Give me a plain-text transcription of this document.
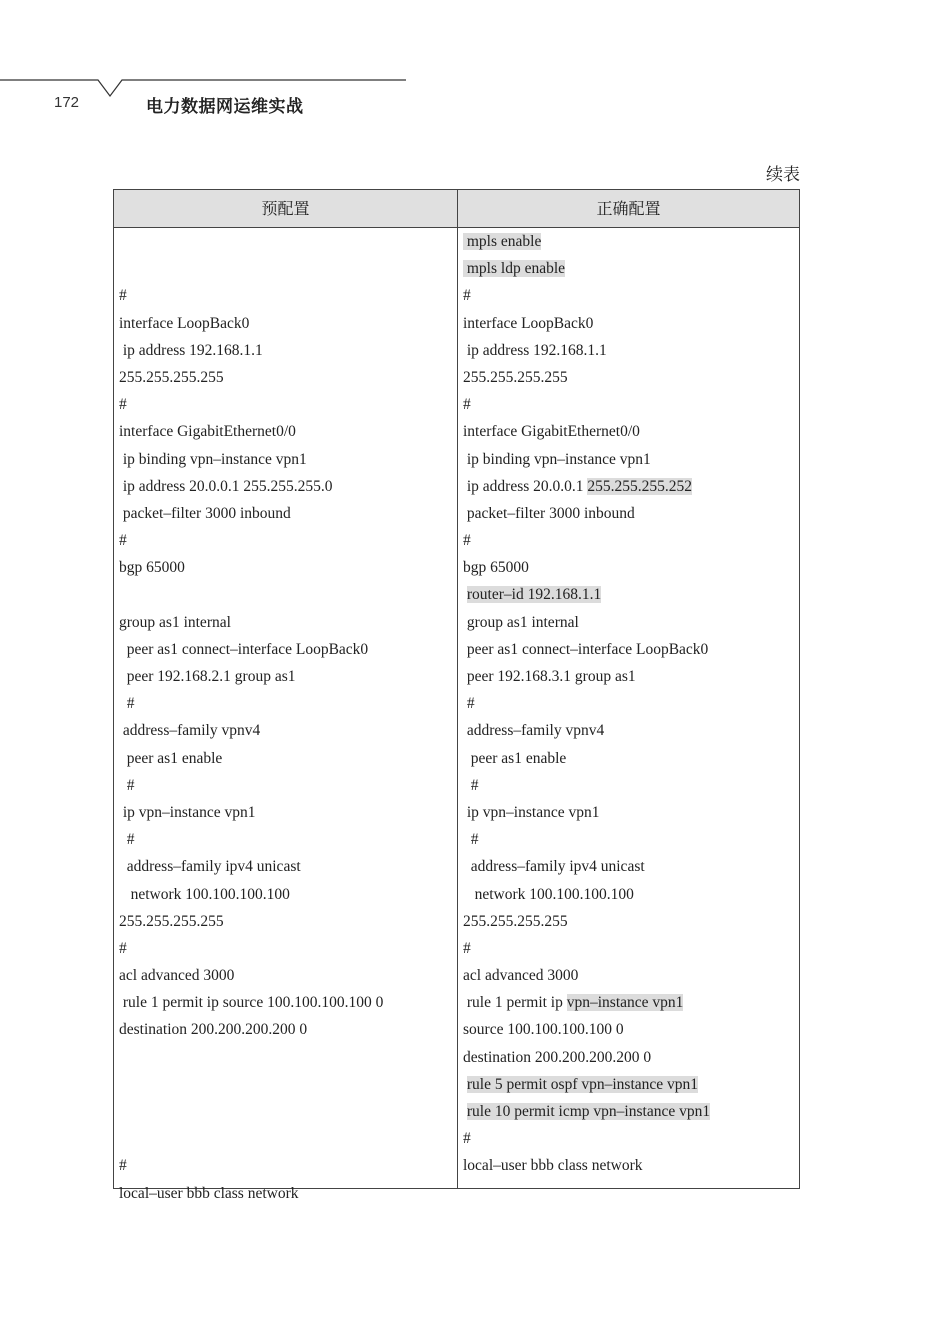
172	电力数据网运维实战
续表
预配置	正确配置
#
interface LoopBack0
ip address 192.168.1.1
255.255.255.255
#
interface GigabitEthernet0/0
ip binding vpn–instance vpn1
ip address 20.0.0.1 255.255.255.0
packet–filter 3000 inbound
#
bgp 65000
group as1 internal
peer as1 connect–interface LoopBack0
peer 192.168.2.1 group as1
#
address–family vpnv4
peer as1 enable
#
ip vpn–instance vpn1
#
address–family ipv4 unicast
network 100.100.100.100
255.255.255.255
#
acl advanced 3000
rule 1 permit ip source 100.100.100.100 0
destination 200.200.200.200 0
#
local–user bbb class network
mpls enable
mpls ldp enable
#
interface LoopBack0
ip address 192.168.1.1
255.255.255.255
#
interface GigabitEthernet0/0
ip binding vpn–instance vpn1
ip address 20.0.0.1 255.255.255.252
packet–filter 3000 inbound
#
bgp 65000
router–id 192.168.1.1
group as1 internal
peer as1 connect–interface LoopBack0
peer 192.168.3.1 group as1
#
address–family vpnv4
peer as1 enable
#
ip vpn–instance vpn1
#
address–family ipv4 unicast
network 100.100.100.100
255.255.255.255
#
acl advanced 3000
rule 1 permit ip vpn–instance vpn1
source 100.100.100.100 0
destination 200.200.200.200 0
rule 5 permit ospf vpn–instance vpn1
rule 10 permit icmp vpn–instance vpn1
#
local–user bbb class network
